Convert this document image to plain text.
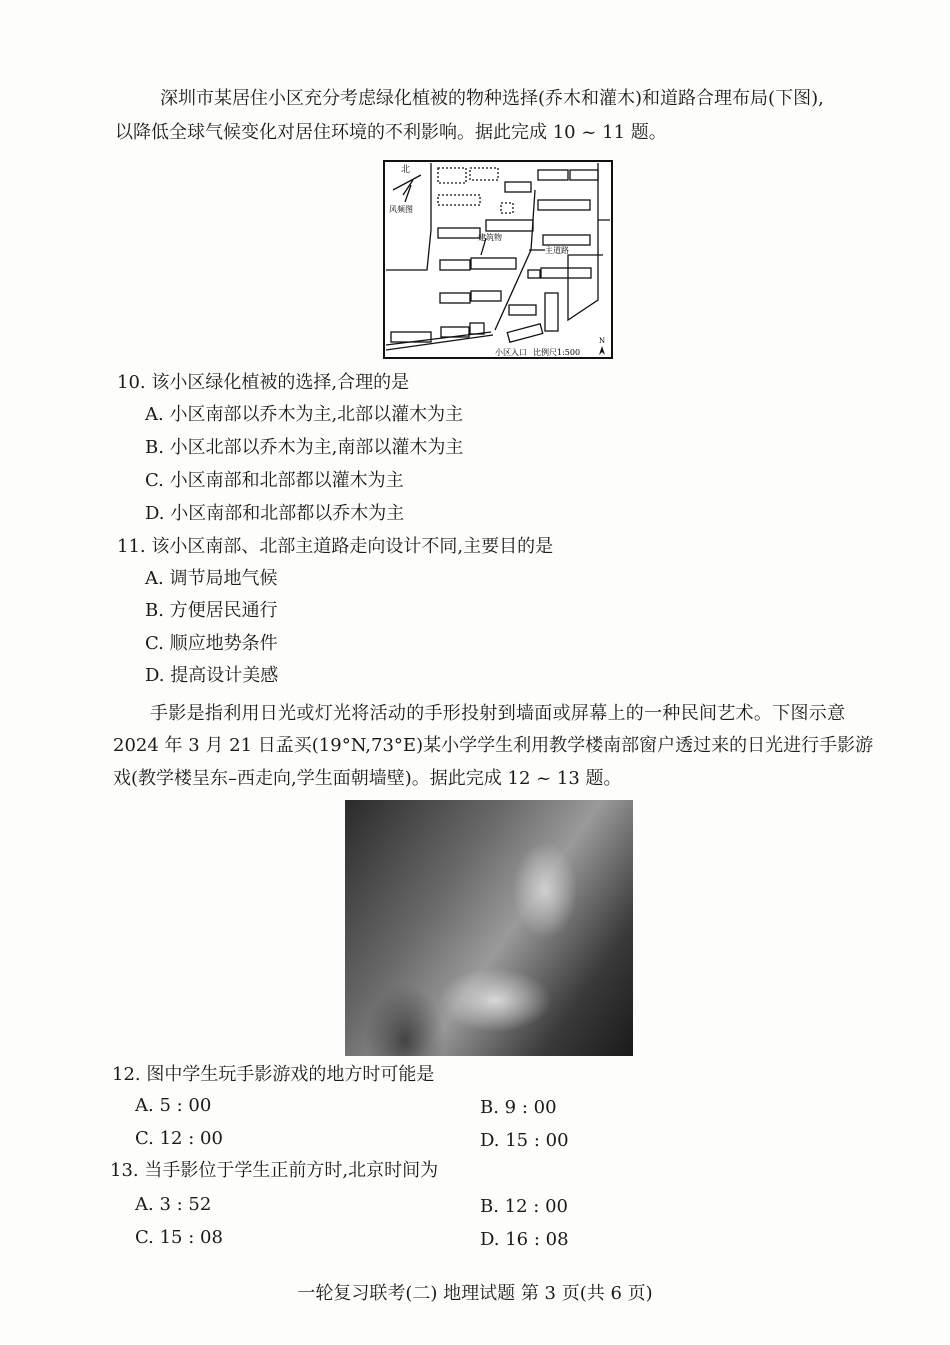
深圳市某居住小区充分考虑绿化植被的物种选择(乔木和灌木)和道路合理布局(下图),
以降低全球气候变化对居住环境的不利影响。据此完成 10 ~ 11 题。
北
风频图
建筑物
主道路
小区入口 比例尺1:500
N
10. 该小区绿化植被的选择,合理的是
A. 小区南部以乔木为主,北部以灌木为主
B. 小区北部以乔木为主,南部以灌木为主
C. 小区南部和北部都以灌木为主
D. 小区南部和北部都以乔木为主
11. 该小区南部、北部主道路走向设计不同,主要目的是
A. 调节局地气候
B. 方便居民通行
C. 顺应地势条件
D. 提高设计美感
手影是指利用日光或灯光将活动的手形投射到墙面或屏幕上的一种民间艺术。下图示意
2024 年 3 月 21 日孟买(19°N,73°E)某小学学生利用教学楼南部窗户透过来的日光进行手影游
戏(教学楼呈东–西走向,学生面朝墙壁)。据此完成 12 ~ 13 题。
12. 图中学生玩手影游戏的地方时可能是
A. 5 : 00	B. 9 : 00
C. 12 : 00	D. 15 : 00
13. 当手影位于学生正前方时,北京时间为
A. 3 : 52	B. 12 : 00
C. 15 : 08	D. 16 : 08
一轮复习联考(二) 地理试题 第 3 页(共 6 页)
